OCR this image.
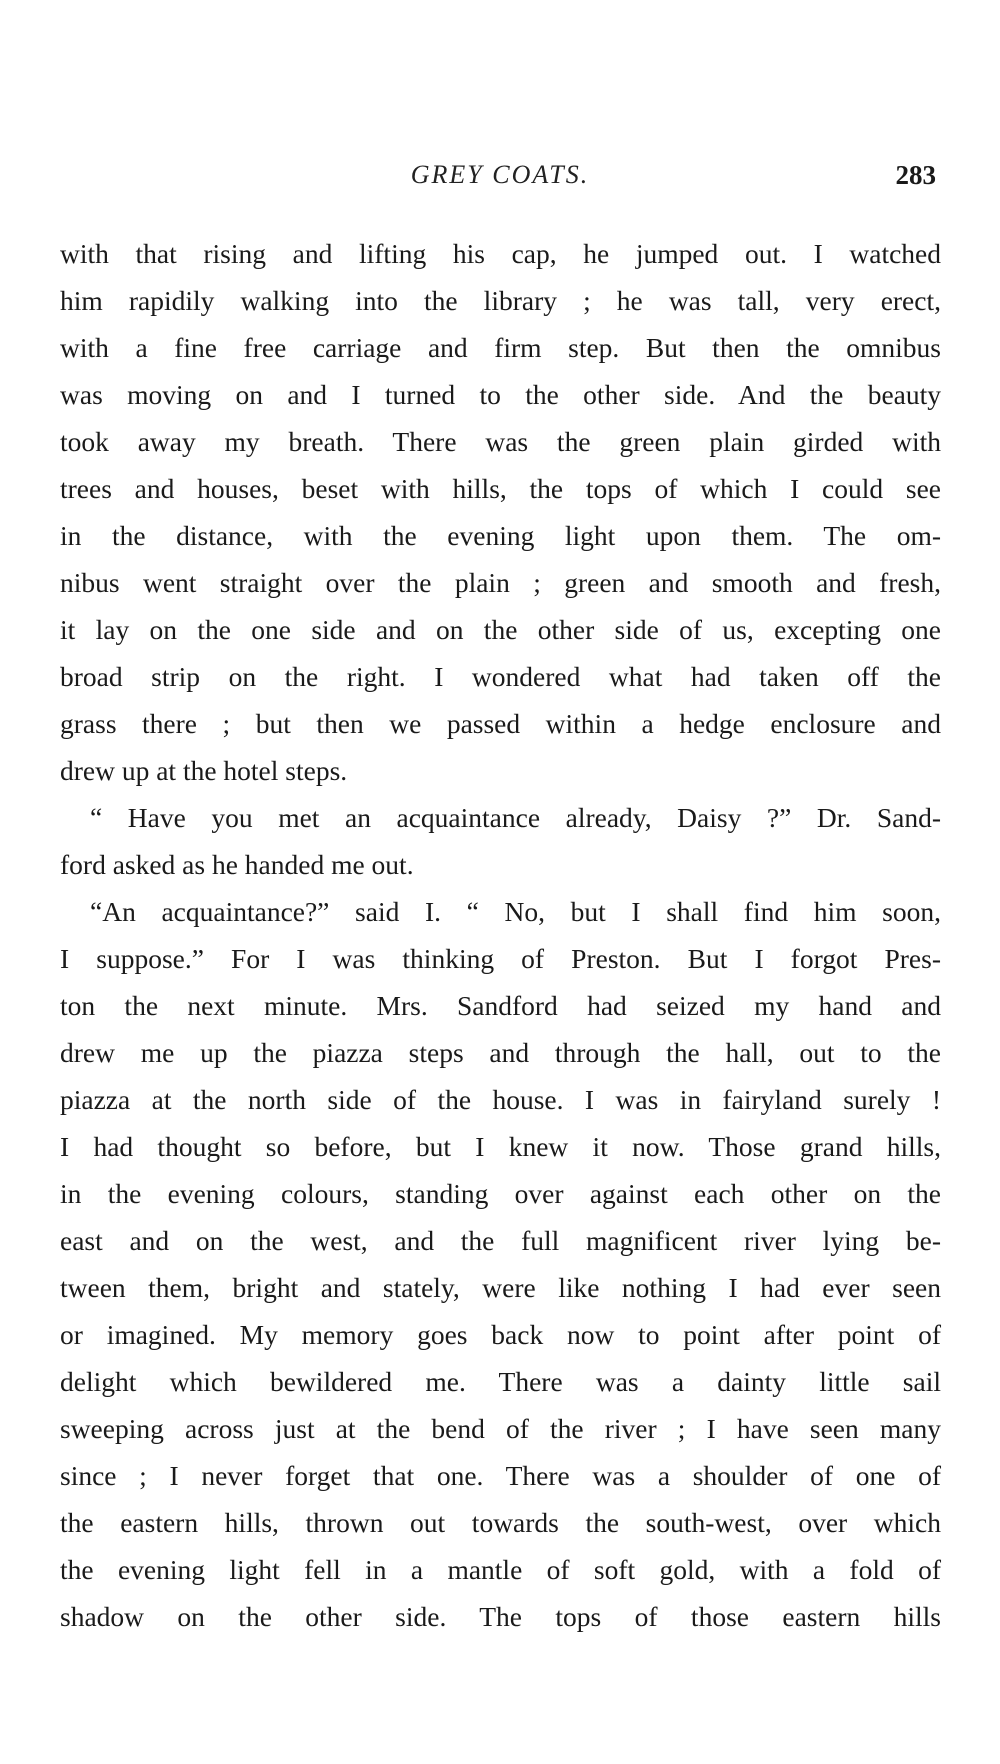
GREY COATS.	283
with that rising and lifting his cap, he jumped out. I watched
him rapidily walking into the library ; he was tall, very erect,
with a fine free carriage and firm step. But then the omnibus
was moving on and I turned to the other side. And the beauty
took away my breath. There was the green plain girded with
trees and houses, beset with hills, the tops of which I could see
in the distance, with the evening light upon them. The om-
nibus went straight over the plain ; green and smooth and fresh,
it lay on the one side and on the other side of us, excepting one
broad strip on the right. I wondered what had taken off the
grass there ; but then we passed within a hedge enclosure and
drew up at the hotel steps.
“ Have you met an acquaintance already, Daisy ?” Dr. Sand-
ford asked as he handed me out.
“An acquaintance?” said I. “ No, but I shall find him soon,
I suppose.” For I was thinking of Preston. But I forgot Pres-
ton the next minute. Mrs. Sandford had seized my hand and
drew me up the piazza steps and through the hall, out to the
piazza at the north side of the house. I was in fairyland surely !
I had thought so before, but I knew it now. Those grand hills,
in the evening colours, standing over against each other on the
east and on the west, and the full magnificent river lying be-
tween them, bright and stately, were like nothing I had ever seen
or imagined. My memory goes back now to point after point of
delight which bewildered me. There was a dainty little sail
sweeping across just at the bend of the river ; I have seen many
since ; I never forget that one. There was a shoulder of one of
the eastern hills, thrown out towards the south-west, over which
the evening light fell in a mantle of soft gold, with a fold of
shadow on the other side. The tops of those eastern hills
